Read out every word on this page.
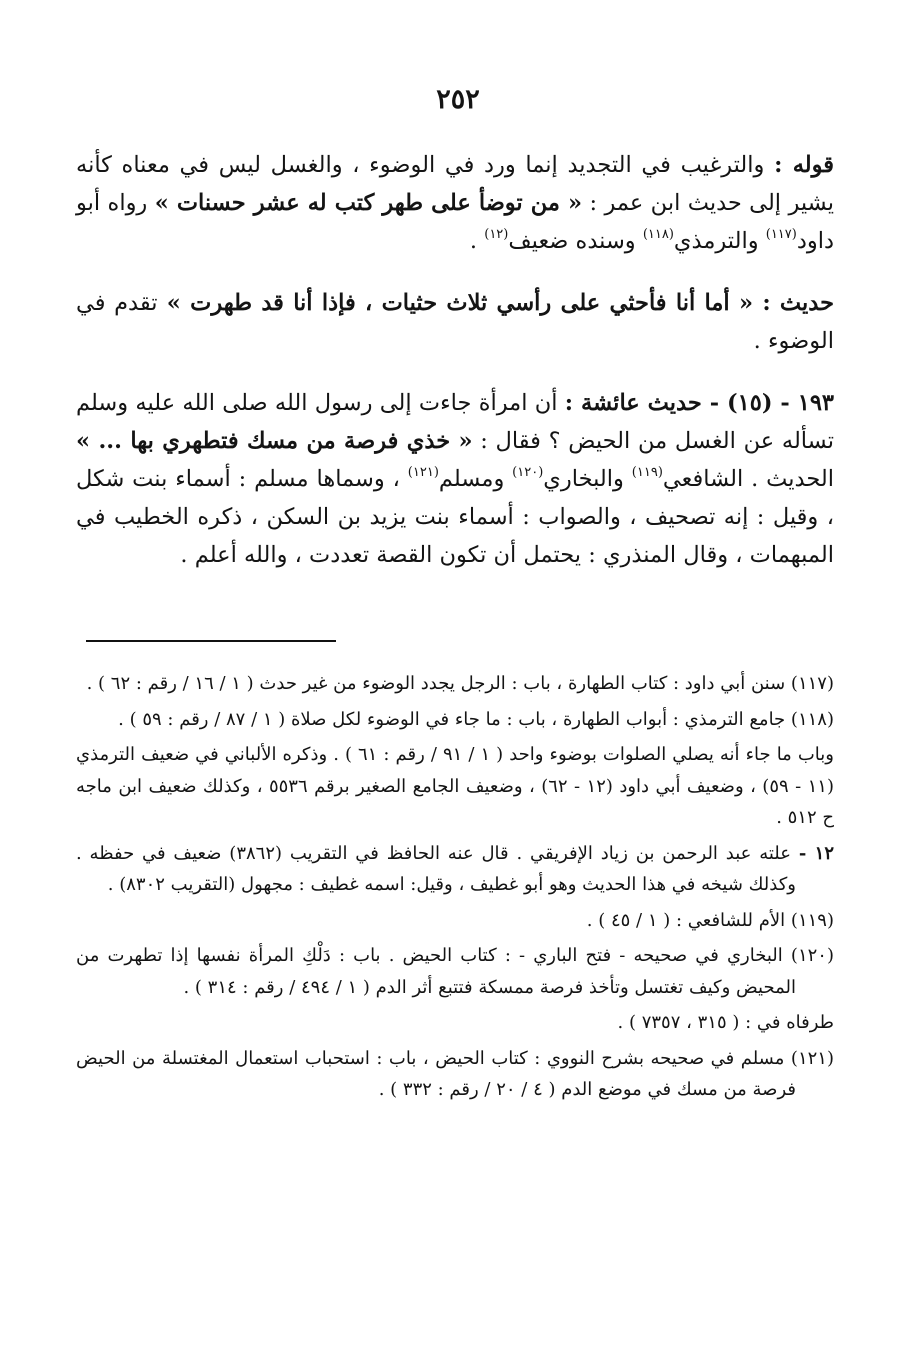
٢٥٢
قوله : والترغيب في التجديد إنما ورد في الوضوء ، والغسل ليس في معناه كأنه يشير إلى حديث ابن عمر : « من توضأ على طهر كتب له عشر حسنات » رواه أبو داود$^{(١١٧)}$ والترمذي$^{(١١٨)}$ وسنده ضعيف$^{(١٢)}$ .
حديث : « أما أنا فأحثي على رأسي ثلاث حثيات ، فإذا أنا قد طهرت » تقدم في الوضوء .
١٩٣ - (١٥) - حديث عائشة : أن امرأة جاءت إلى رسول الله صلى الله عليه وسلم تسأله عن الغسل من الحيض ؟ فقال : « خذي فرصة من مسك فتطهري بها ... » الحديث . الشافعي$^{(١١٩)}$ والبخاري$^{(١٢٠)}$ ومسلم$^{(١٢١)}$ ، وسماها مسلم : أسماء بنت شكل ، وقيل : إنه تصحيف ، والصواب : أسماء بنت يزيد بن السكن ، ذكره الخطيب في المبهمات ، وقال المنذري : يحتمل أن تكون القصة تعددت ، والله أعلم .
(١١٧) سنن أبي داود : كتاب الطهارة ، باب : الرجل يجدد الوضوء من غير حدث ( ١ / ١٦ / رقم : ٦٢ ) .
(١١٨) جامع الترمذي : أبواب الطهارة ، باب : ما جاء في الوضوء لكل صلاة ( ١ / ٨٧ / رقم : ٥٩ ) .
وباب ما جاء أنه يصلي الصلوات بوضوء واحد ( ١ / ٩١ / رقم : ٦١ ) . وذكره الألباني في ضعيف الترمذي (١١ - ٥٩) ، وضعيف أبي داود (١٢ - ٦٢) ، وضعيف الجامع الصغير برقم ٥٥٣٦ ، وكذلك ضعيف ابن ماجه ح ٥١٢ .
١٢ - علته عبد الرحمن بن زياد الإفريقي . قال عنه الحافظ في التقريب (٣٨٦٢) ضعيف في حفظه . وكذلك شيخه في هذا الحديث وهو أبو غطيف ، وقيل: اسمه غطيف : مجهول (التقريب ٨٣٠٢) .
(١١٩) الأم للشافعي : ( ١ / ٤٥ ) .
(١٢٠) البخاري في صحيحه - فتح الباري - : كتاب الحيض . باب : دَلْكِ المرأة نفسها إذا تطهرت من المحيض وكيف تغتسل وتأخذ فرصة ممسكة فتتبع أثر الدم ( ١ / ٤٩٤ / رقم : ٣١٤ ) .
طرفاه في : ( ٣١٥ ، ٧٣٥٧ ) .
(١٢١) مسلم في صحيحه بشرح النووي : كتاب الحيض ، باب : استحباب استعمال المغتسلة من الحيض فرصة من مسك في موضع الدم ( ٤ / ٢٠ / رقم : ٣٣٢ ) .
